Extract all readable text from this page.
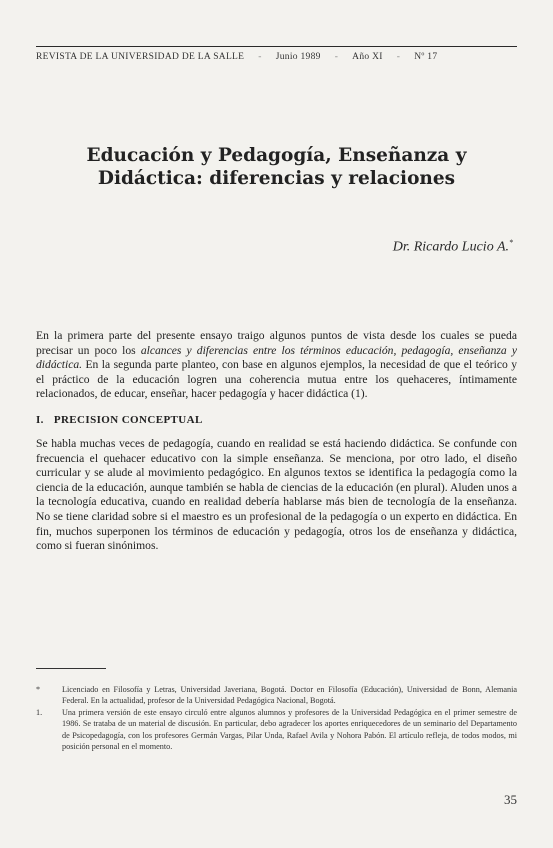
REVISTA DE LA UNIVERSIDAD DE LA SALLE - Junio 1989 - Año XI - Nº 17
Educación y Pedagogía, Enseñanza y Didáctica: diferencias y relaciones
Dr. Ricardo Lucio A.*
En la primera parte del presente ensayo traigo algunos puntos de vista desde los cuales se pueda precisar un poco los alcances y diferencias entre los términos educación, pedagogía, enseñanza y didáctica. En la segunda parte planteo, con base en algunos ejemplos, la necesidad de que el teórico y el práctico de la educación logren una coherencia mutua entre los quehaceres, íntimamente relacionados, de educar, enseñar, hacer pedagogía y hacer didáctica (1).
I. PRECISION CONCEPTUAL
Se habla muchas veces de pedagogía, cuando en realidad se está haciendo didáctica. Se confunde con frecuencia el quehacer educativo con la simple enseñanza. Se menciona, por otro lado, el diseño curricular y se alude al movimiento pedagógico. En algunos textos se identifica la pedagogía como la ciencia de la educación, aunque también se habla de ciencias de la educación (en plural). Aluden unos a la tecnología educativa, cuando en realidad debería hablarse más bien de tecnología de la enseñanza. No se tiene claridad sobre si el maestro es un profesional de la pedagogía o un experto en didáctica. En fin, muchos superponen los términos de educación y pedagogía, otros los de enseñanza y didáctica, como si fueran sinónimos.
*	Licenciado en Filosofía y Letras, Universidad Javeriana, Bogotá. Doctor en Filosofía (Educación), Universidad de Bonn, Alemania Federal. En la actualidad, profesor de la Universidad Pedagógica Nacional, Bogotá.
1.	Una primera versión de este ensayo circuló entre algunos alumnos y profesores de la Universidad Pedagógica en el primer semestre de 1986. Se trataba de un material de discusión. En particular, debo agradecer los aportes enriquecedores de un seminario del Departamento de Psicopedagogía, con los profesores Germán Vargas, Pilar Unda, Rafael Avila y Nohora Pabón. El artículo refleja, de todos modos, mi posición personal en el momento.
35
